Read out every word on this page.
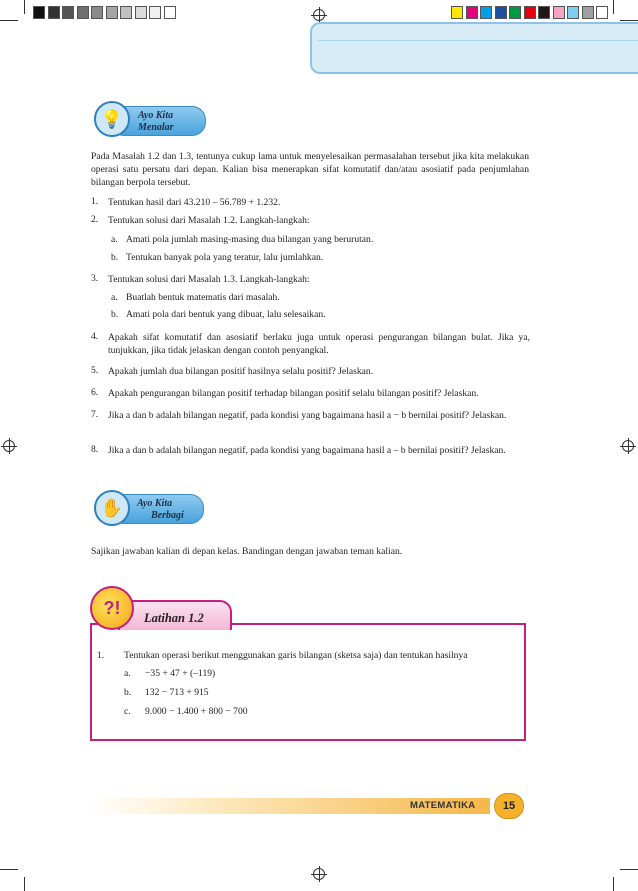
💡	Ayo Kita
Menalar
Pada Masalah 1.2 dan 1.3, tentunya cukup lama untuk menyelesaikan permasalahan tersebut jika kita melakukan operasi satu persatu dari depan. Kalian bisa menerapkan sifat komutatif dan/atau asosiatif pada penjumlahan bilangan berpola tersebut.
1. Tentukan hasil dari 43.210 – 56.789 + 1.232.
2. Tentukan solusi dari Masalah 1.2. Langkah-langkah:
a. Amati pola jumlah masing-masing dua bilangan yang berurutan.
b. Tentukan banyak pola yang teratur, lalu jumlahkan.
3. Tentukan solusi dari Masalah 1.3. Langkah-langkah:
a. Buatlah bentuk matematis dari masalah.
b. Amati pola dari bentuk yang dibuat, lalu selesaikan.
4. Apakah sifat komutatif dan asosiatif berlaku juga untuk operasi pengurangan bilangan bulat. Jika ya, tunjukkan, jika tidak jelaskan dengan contoh penyangkal.
5. Apakah jumlah dua bilangan positif hasilnya selalu positif? Jelaskan.
6. Apakah pengurangan bilangan positif terhadap bilangan positif selalu bilangan positif? Jelaskan.
7. Jika a dan b adalah bilangan negatif, pada kondisi yang bagaimana hasil a − b bernilai positif? Jelaskan.
8. Jika a dan b adalah bilangan negatif, pada kondisi yang bagaimana hasil a – b bernilai positif? Jelaskan.
✋	Ayo Kita
Berbagi
Sajikan jawaban kalian di depan kelas. Bandingan dengan jawaban teman kalian.
?!
Latihan 1.2
1. Tentukan operasi berikut menggunakan garis bilangan (sketsa saja) dan tentukan hasilnya
a. −35 + 47 + (–119)
b. 132 − 713 + 915
c. 9.000 − 1.400 + 800 − 700
MATEMATIKA	15
